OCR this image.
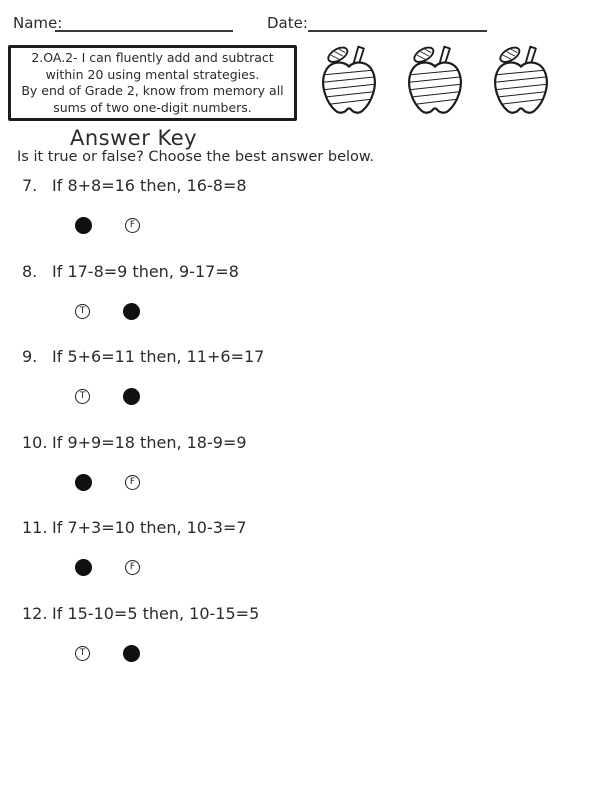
Name:	Date:
2.OA.2- I can fluently add and subtract
within 20 using mental strategies.
By end of Grade 2, know from memory all
sums of two one-digit numbers.
Answer Key
Is it true or false? Choose the best answer below.
7. If 8+8=16 then, 16-8=8
F
8. If 17-8=9 then, 9-17=8
T
9. If 5+6=11 then, 11+6=17
T
10. If 9+9=18 then, 18-9=9
F
11. If 7+3=10 then, 10-3=7
F
12. If 15-10=5 then, 10-15=5
T
